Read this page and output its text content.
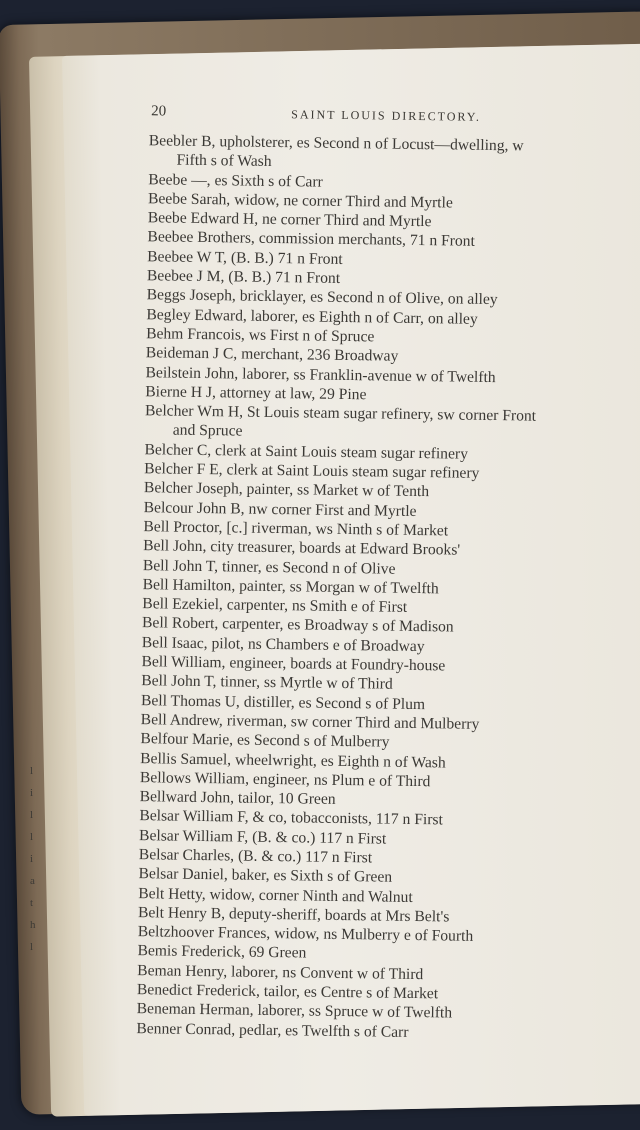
20	SAINT LOUIS DIRECTORY.
Beebler B, upholsterer, es Second n of Locust—dwelling, w
Fifth s of Wash
Beebe —, es Sixth s of Carr
Beebe Sarah, widow, ne corner Third and Myrtle
Beebe Edward H, ne corner Third and Myrtle
Beebee Brothers, commission merchants, 71 n Front
Beebee W T, (B. B.) 71 n Front
Beebee J M, (B. B.) 71 n Front
Beggs Joseph, bricklayer, es Second n of Olive, on alley
Begley Edward, laborer, es Eighth n of Carr, on alley
Behm Francois, ws First n of Spruce
Beideman J C, merchant, 236 Broadway
Beilstein John, laborer, ss Franklin-avenue w of Twelfth
Bierne H J, attorney at law, 29 Pine
Belcher Wm H, St Louis steam sugar refinery, sw corner Front
and Spruce
Belcher C, clerk at Saint Louis steam sugar refinery
Belcher F E, clerk at Saint Louis steam sugar refinery
Belcher Joseph, painter, ss Market w of Tenth
Belcour John B, nw corner First and Myrtle
Bell Proctor, [c.] riverman, ws Ninth s of Market
Bell John, city treasurer, boards at Edward Brooks'
Bell John T, tinner, es Second n of Olive
Bell Hamilton, painter, ss Morgan w of Twelfth
Bell Ezekiel, carpenter, ns Smith e of First
Bell Robert, carpenter, es Broadway s of Madison
Bell Isaac, pilot, ns Chambers e of Broadway
Bell William, engineer, boards at Foundry-house
Bell John T, tinner, ss Myrtle w of Third
Bell Thomas U, distiller, es Second s of Plum
Bell Andrew, riverman, sw corner Third and Mulberry
Belfour Marie, es Second s of Mulberry
Bellis Samuel, wheelwright, es Eighth n of Wash
Bellows William, engineer, ns Plum e of Third
Bellward John, tailor, 10 Green
Belsar William F, & co, tobacconists, 117 n First
Belsar William F, (B. & co.) 117 n First
Belsar Charles, (B. & co.) 117 n First
Belsar Daniel, baker, es Sixth s of Green
Belt Hetty, widow, corner Ninth and Walnut
Belt Henry B, deputy-sheriff, boards at Mrs Belt's
Beltzhoover Frances, widow, ns Mulberry e of Fourth
Bemis Frederick, 69 Green
Beman Henry, laborer, ns Convent w of Third
Benedict Frederick, tailor, es Centre s of Market
Beneman Herman, laborer, ss Spruce w of Twelfth
Benner Conrad, pedlar, es Twelfth s of Carr
l
i
l
l
i
a
t
h
l
